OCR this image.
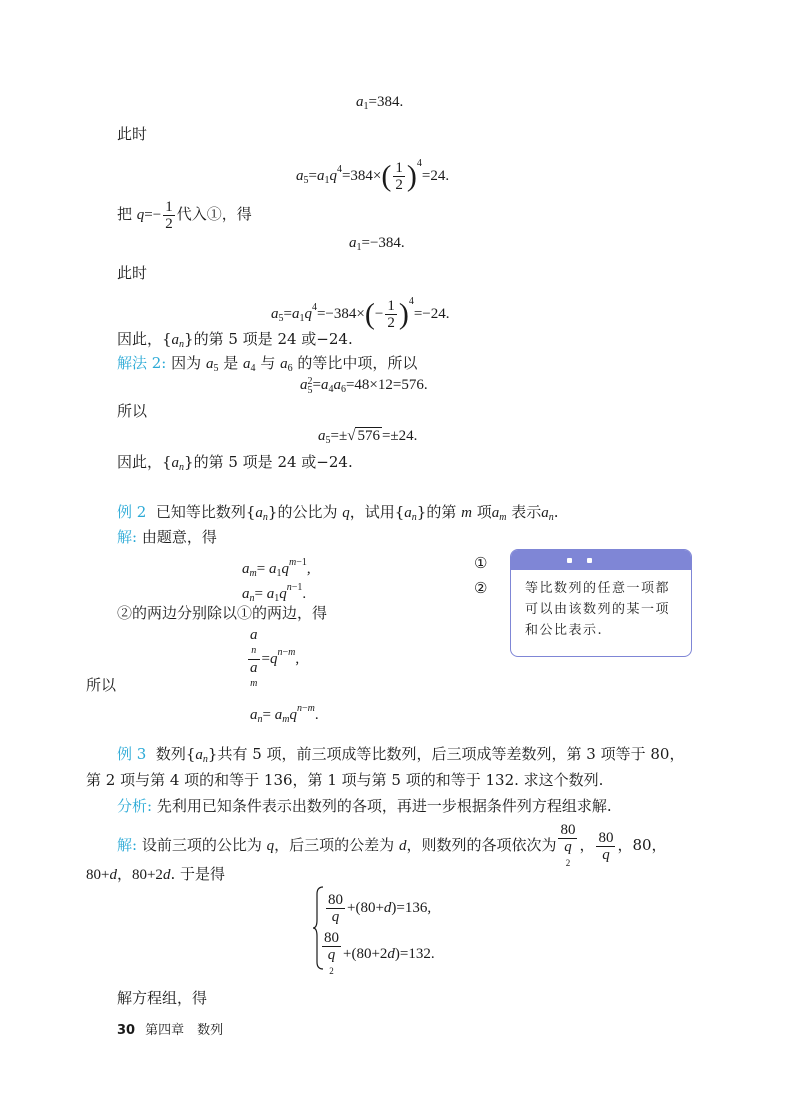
$a_1=384$.
此时
$a_5=a_1q^4=384\times( \frac{1}{2} )^4=24$.
把 $q=- \frac{1}{2}$ 代入①，得
$a_1=-384$.
此时
$a_5=a_1q^4=-384\times(- \frac{1}{2} )^4=-24$.
因此，$\{a_n\}$的第 5 项是 24 或−24.
解法 2: 因为 $a_5$ 是 $a_4$ 与 $a_6$ 的等比中项，所以
a 2
$5 =a_4a_6=48\times 12=576$.
所以
$a_5=\pm√$ 576 =±24.
因此，$\{a_n\}$的第 5 项是 24 或−24.
例 2 已知等比数列$\{a_n\}$的公比为 q，试用$\{a_n\}$的第 m 项$a_m$ 表示$a_n$.
解: 由题意，得
$a_m= a_1q^{m-1}$,	①
$a_n= a_1q^{n-1}$.	②
②的两边分别除以①的两边，得
a
n
a
$m =q^{n-m}$,
所以
$a_n= a_mq^{n-m}$.
等比数列的任意一项都可以由该数列的某一项和公比表示.
例 3 数列$\{a_n\}$共有 5 项，前三项成等比数列，后三项成等差数列，第 3 项等于 80，
第 2 项与第 4 项的和等于 136，第 1 项与第 5 项的和等于 132. 求这个数列.
分析: 先利用已知条件表示出数列的各项，再进一步根据条件列方程组求解.
解: 设前三项的公比为 q，后三项的公差为 d，则数列的各项依次为 80
q
2 ， $\frac{80}{q}$ ，80，
80+d，80+2d. 于是得
$\frac{80}{q} +(80+d)=136$,
80
q
2 +(80+2d)=132.
解方程组，得
30 第四章　数列
